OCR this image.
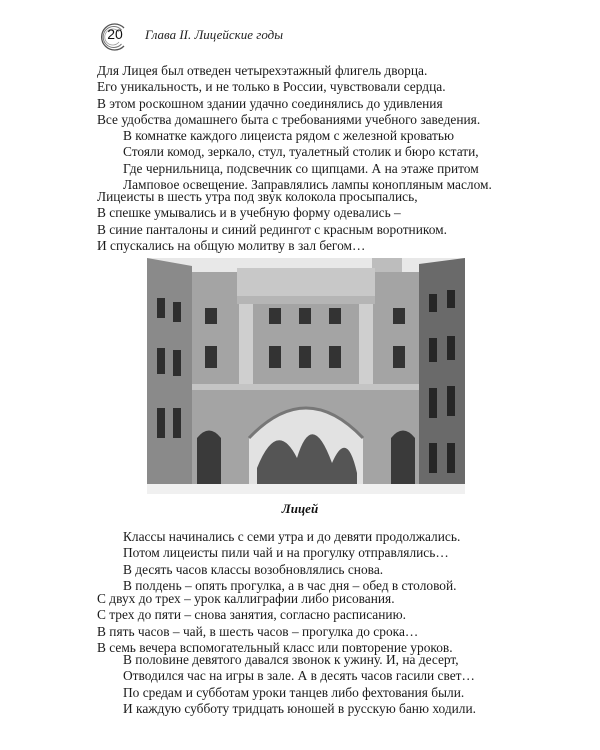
20	Глава II. Лицейские годы
Для Лицея был отведен четырехэтажный флигель дворца.
Его уникальность, и не только в России, чувствовали сердца.
В этом роскошном здании удачно соединялись до удивления
Все удобства домашнего быта с требованиями учебного заведения.
В комнатке каждого лицеиста рядом с железной кроватью
Стояли комод, зеркало, стул, туалетный столик и бюро кстати,
Где чернильница, подсвечник со щипцами. А на этаже притом
Ламповое освещение. Заправлялись лампы конопляным маслом.
Лицеисты в шесть утра под звук колокола просыпались,
В спешке умывались и в учебную форму одевались –
В синие панталоны и синий редингот с красным воротником.
И спускались на общую молитву в зал бегом…
Лицей
Классы начинались с семи утра и до девяти продолжались.
Потом лицеисты пили чай и на прогулку отправлялись…
В десять часов классы возобновлялись снова.
В полдень – опять прогулка, а в час дня – обед в столовой.
С двух до трех – урок каллиграфии либо рисования.
С трех до пяти – снова занятия, согласно расписанию.
В пять часов – чай, в шесть часов – прогулка до срока…
В семь вечера вспомогательный класс или повторение уроков.
В половине девятого давался звонок к ужину. И, на десерт,
Отводился час на игры в зале. А в десять часов гасили свет…
По средам и субботам уроки танцев либо фехтования были.
И каждую субботу тридцать юношей в русскую баню ходили.
